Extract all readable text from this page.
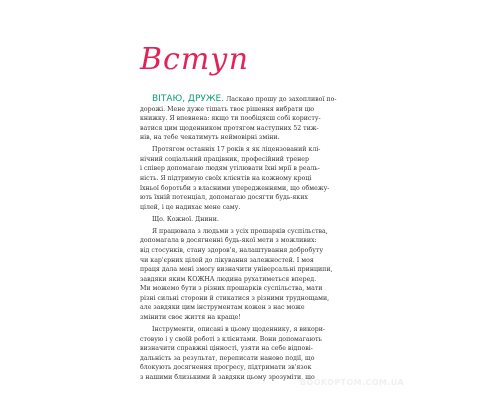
Вступ
ВІТАЮ, ДРУЖЕ. Ласкаво прошу до захопливої по-
дорожі. Мене дуже тішать твоє рішення вибрати цю
книжку. Я впевнена: якщо ти пообіцяєш собі користу-
ватися цим щоденником протягом наступних 52 тиж-
нів, на тебе чекатимуть неймовірні зміни.
Протягом останніх 17 років я як ліцензований клі-
нічний соціальний працівник, професійний тренер
і співер допомагаю людям утілювати їхні мрії в реаль-
ність. Я підтримую своїх клієнтів на кожному кроці
їхньої боротьби з власними упередженнями, що обмежу-
ють їхній потенціал, допомагаю досягти будь-яких
цілей, і це надихає мене саму.
Що. Кожної. Днини.
Я працювала з людьми з усіх прошарків суспільства,
допомагала в досягненні будь-якої мети з можливих:
від стосунків, стану здоров'я, налаштування добробуту
чи кар'єрних цілей до лікування залежностей. І моя
праця дала мені змогу визначити універсальні принципи,
завдяки яким КОЖНА людина рухатиметься вперед.
Ми можемо бути з різних прошарків суспільства, мати
різні сильні сторони й стикатися з різними труднощами,
але завдяки цим інструментам кожен з нас може
змінити своє життя на краще!
Інструменти, описані в цьому щоденнику, я викори-
стовую і у своїй роботі з клієнтами. Вони допомагають
визначити справжні цінності, узяти на себе відпові-
дальність за результат, переписати наново події, що
блокують досягнення прогресу, підтримати зв'язок
з нашими близькими й завдяки цьому зрозуміти, що
BOOKOPTOM.COM.UA
